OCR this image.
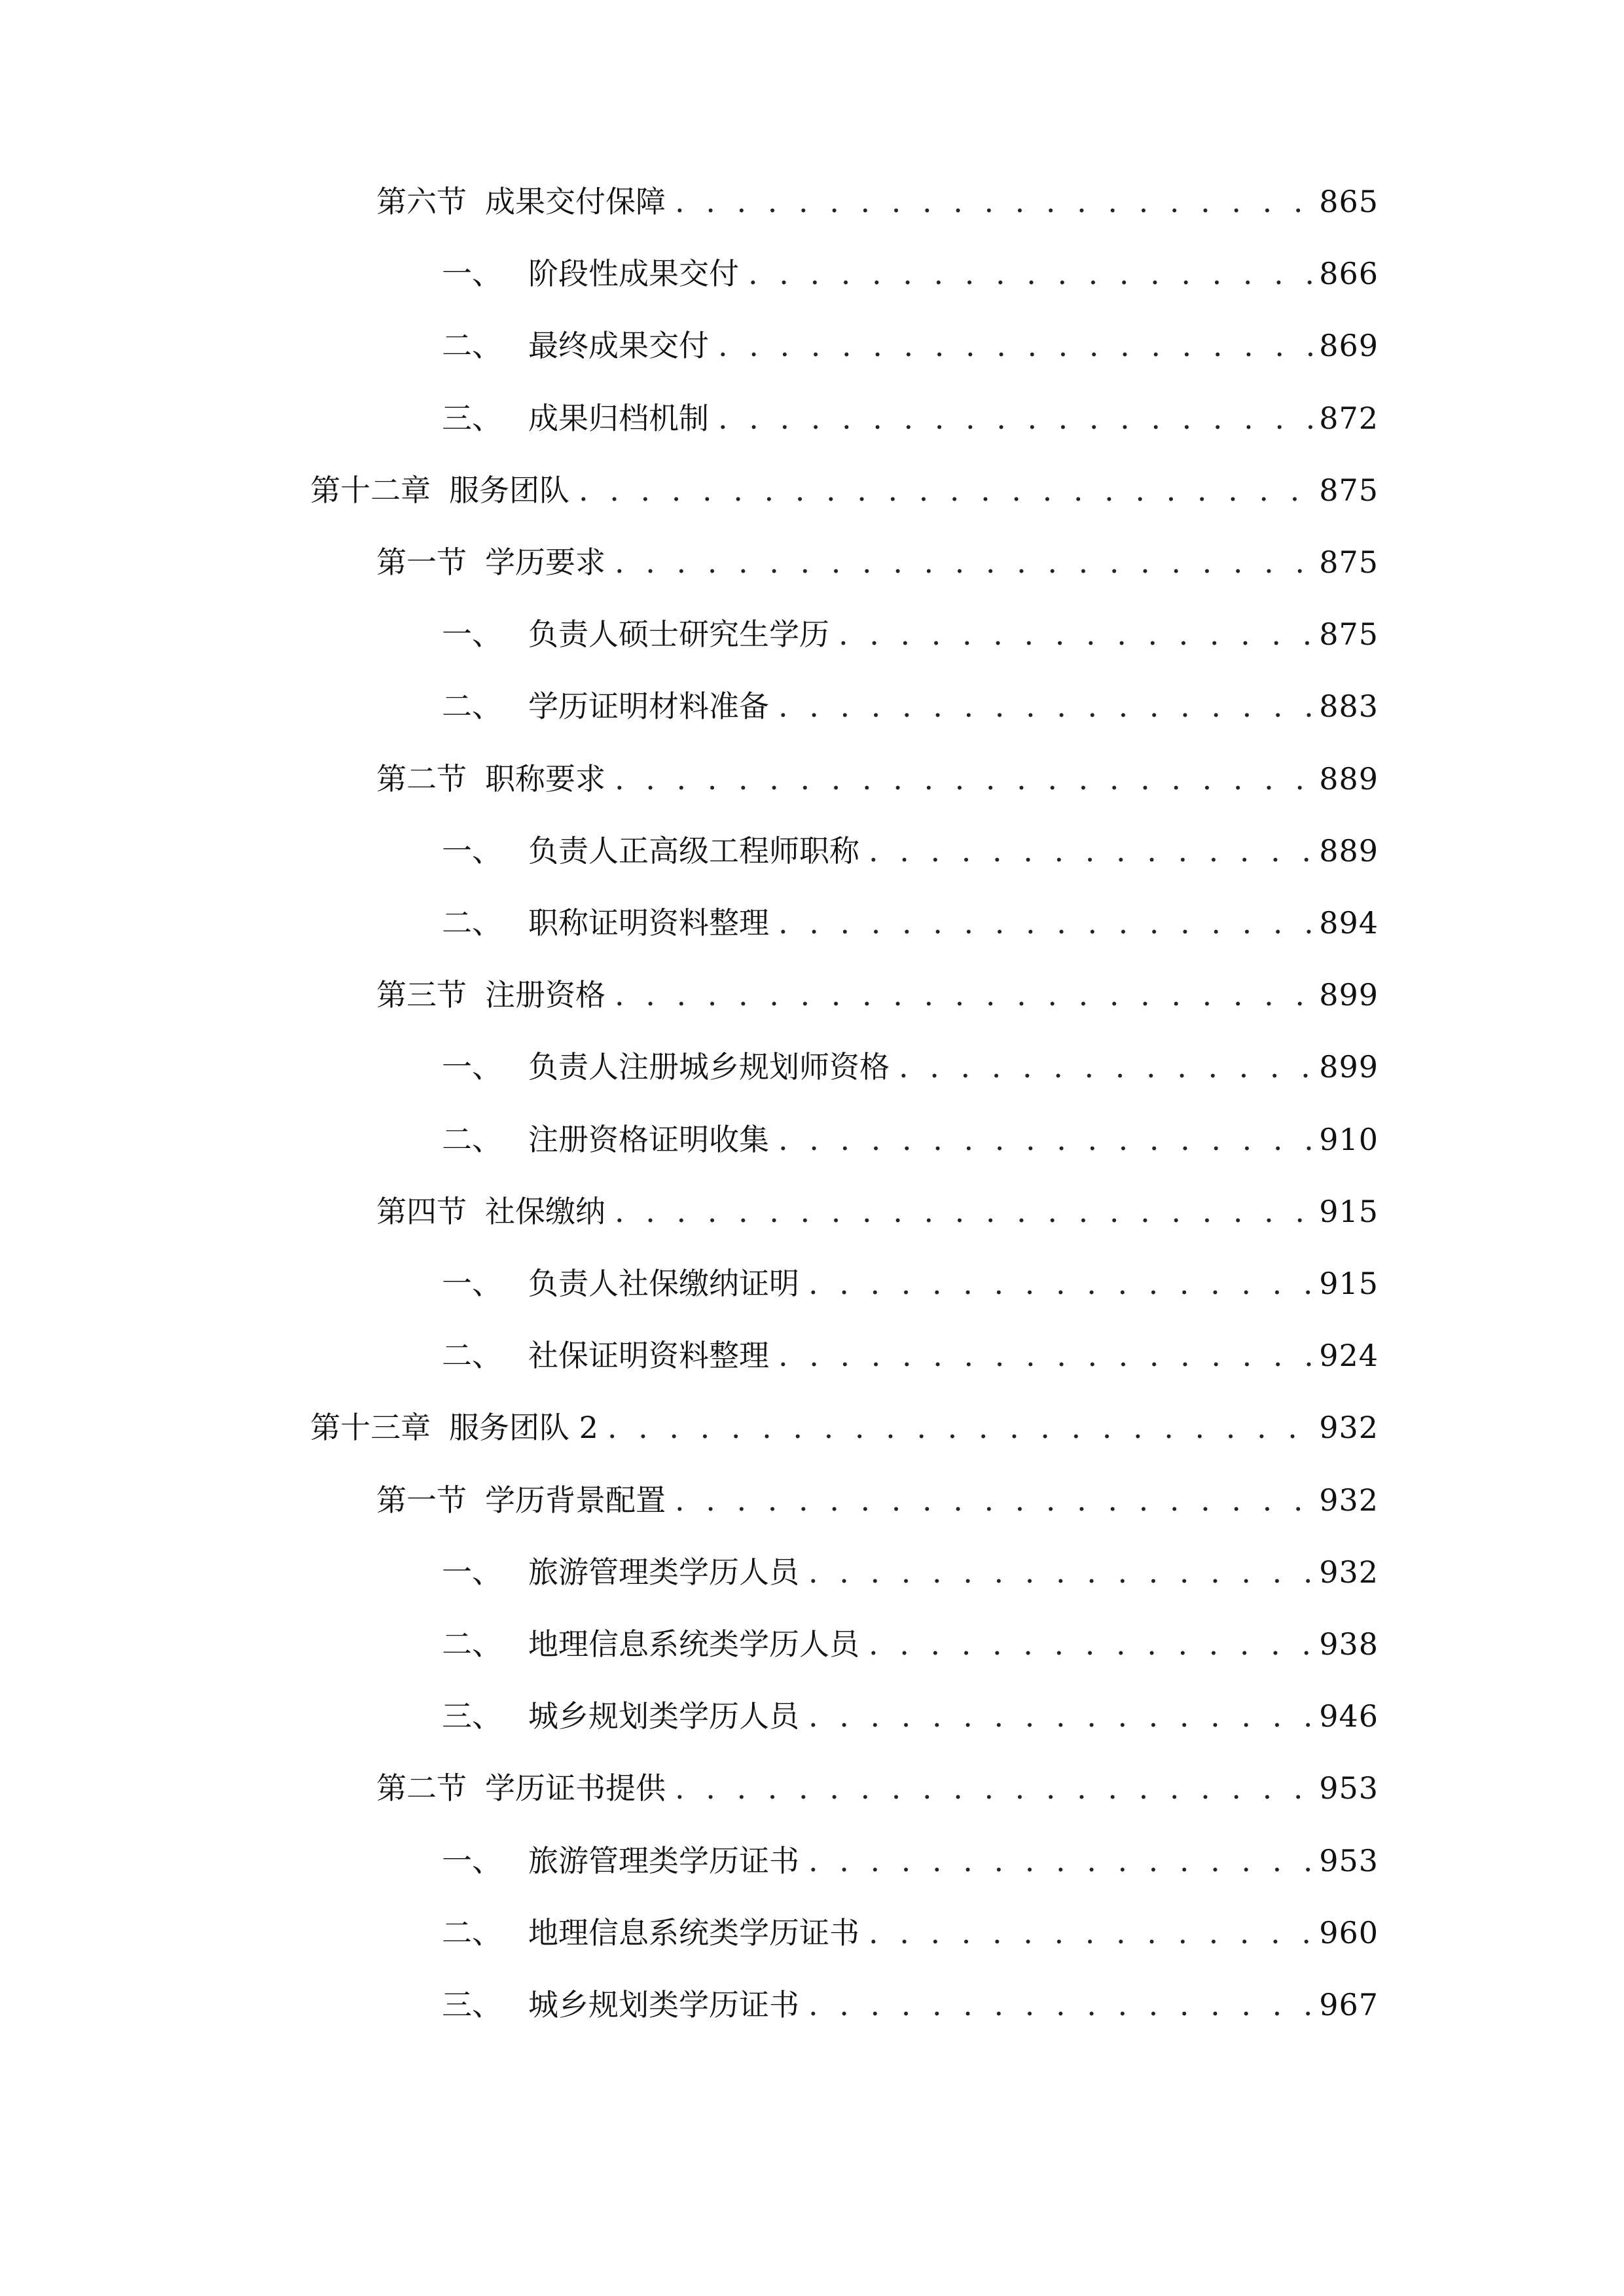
第六节 成果交付保障 . . .	865
一、 阶段性成果交付 . . .	866
二、 最终成果交付 . . .	869
三、 成果归档机制 . . .	872
第十二章 服务团队 . . .	875
第一节 学历要求 . . .	875
一、 负责人硕士研究生学历 . . .	875
二、 学历证明材料准备 . . .	883
第二节 职称要求 . . .	889
一、 负责人正高级工程师职称 . . .	889
二、 职称证明资料整理 . . .	894
第三节 注册资格 . . .	899
一、 负责人注册城乡规划师资格 . . .	899
二、 注册资格证明收集 . . .	910
第四节 社保缴纳 . . .	915
一、 负责人社保缴纳证明 . . .	915
二、 社保证明资料整理 . . .	924
第十三章 服务团队 2 . . .	932
第一节 学历背景配置 . . .	932
一、 旅游管理类学历人员 . . .	932
二、 地理信息系统类学历人员 . . .	938
三、 城乡规划类学历人员 . . .	946
第二节 学历证书提供 . . .	953
一、 旅游管理类学历证书 . . .	953
二、 地理信息系统类学历证书 . . .	960
三、 城乡规划类学历证书 . . .	967
